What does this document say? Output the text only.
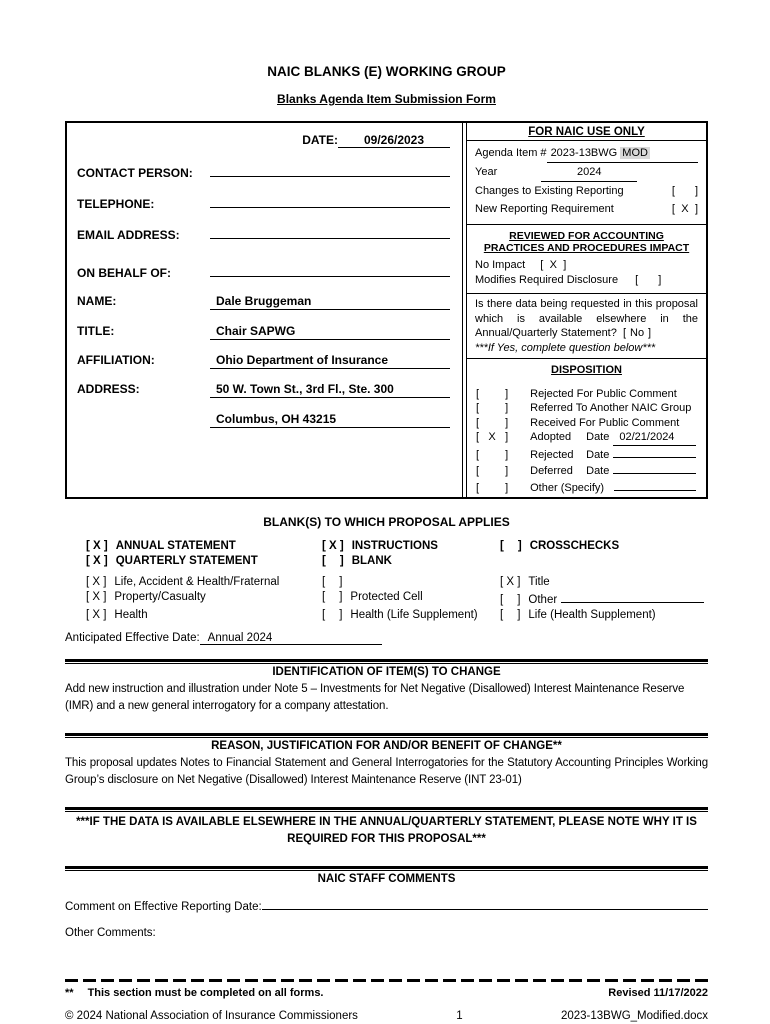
NAIC BLANKS (E) WORKING GROUP
Blanks Agenda Item Submission Form
DATE:	09/26/2023
CONTACT PERSON:
TELEPHONE:
EMAIL ADDRESS:
ON BEHALF OF:
NAME:	Dale Bruggeman
TITLE:	Chair SAPWG
AFFILIATION:	Ohio Department of Insurance
ADDRESS:	50 W. Town St., 3rd Fl., Ste. 300
Columbus, OH 43215
FOR NAIC USE ONLY
Agenda Item # 2023-13BWG MOD
Year	2024
Changes to Existing Reporting	[ ]
New Reporting Requirement	[ X ]
REVIEWED FOR ACCOUNTING PRACTICES AND PROCEDURES IMPACT
No Impact [ X ]
Modifies Required Disclosure [ ]
Is there data being requested in this proposal which is available elsewhere in the Annual/Quarterly Statement? [ No ]
***If Yes, complete question below***
DISPOSITION
[ ] Rejected For Public Comment
[ ] Referred To Another NAIC Group
[ ] Received For Public Comment
[ X ] Adopted	Date 02/21/2024
[ ] Rejected	Date
[ ] Deferred	Date
[ ] Other (Specify)
BLANK(S) TO WHICH PROPOSAL APPLIES
[ X ] ANNUAL STATEMENT	[ X ] INSTRUCTIONS	[ ] CROSSCHECKS
[ X ] QUARTERLY STATEMENT	[ ] BLANK
[ X ] Life, Accident & Health/Fraternal	[ ]	[ X ] Title
[ X ] Property/Casualty	[ ] Protected Cell	[ ] Other
[ X ] Health	[ ] Health (Life Supplement) [ ] Life (Health Supplement)
Anticipated Effective Date: Annual 2024
IDENTIFICATION OF ITEM(S) TO CHANGE
Add new instruction and illustration under Note 5 – Investments for Net Negative (Disallowed) Interest Maintenance Reserve (IMR) and a new general interrogatory for a company attestation.
REASON, JUSTIFICATION FOR AND/OR BENEFIT OF CHANGE**
This proposal updates Notes to Financial Statement and General Interrogatories for the Statutory Accounting Principles Working Group’s disclosure on Net Negative (Disallowed) Interest Maintenance Reserve (INT 23-01)
***IF THE DATA IS AVAILABLE ELSEWHERE IN THE ANNUAL/QUARTERLY STATEMENT, PLEASE NOTE WHY IT IS REQUIRED FOR THIS PROPOSAL***
NAIC STAFF COMMENTS
Comment on Effective Reporting Date:
Other Comments:
** This section must be completed on all forms.	Revised 11/17/2022
© 2024 National Association of Insurance Commissioners	1	2023-13BWG_Modified.docx
